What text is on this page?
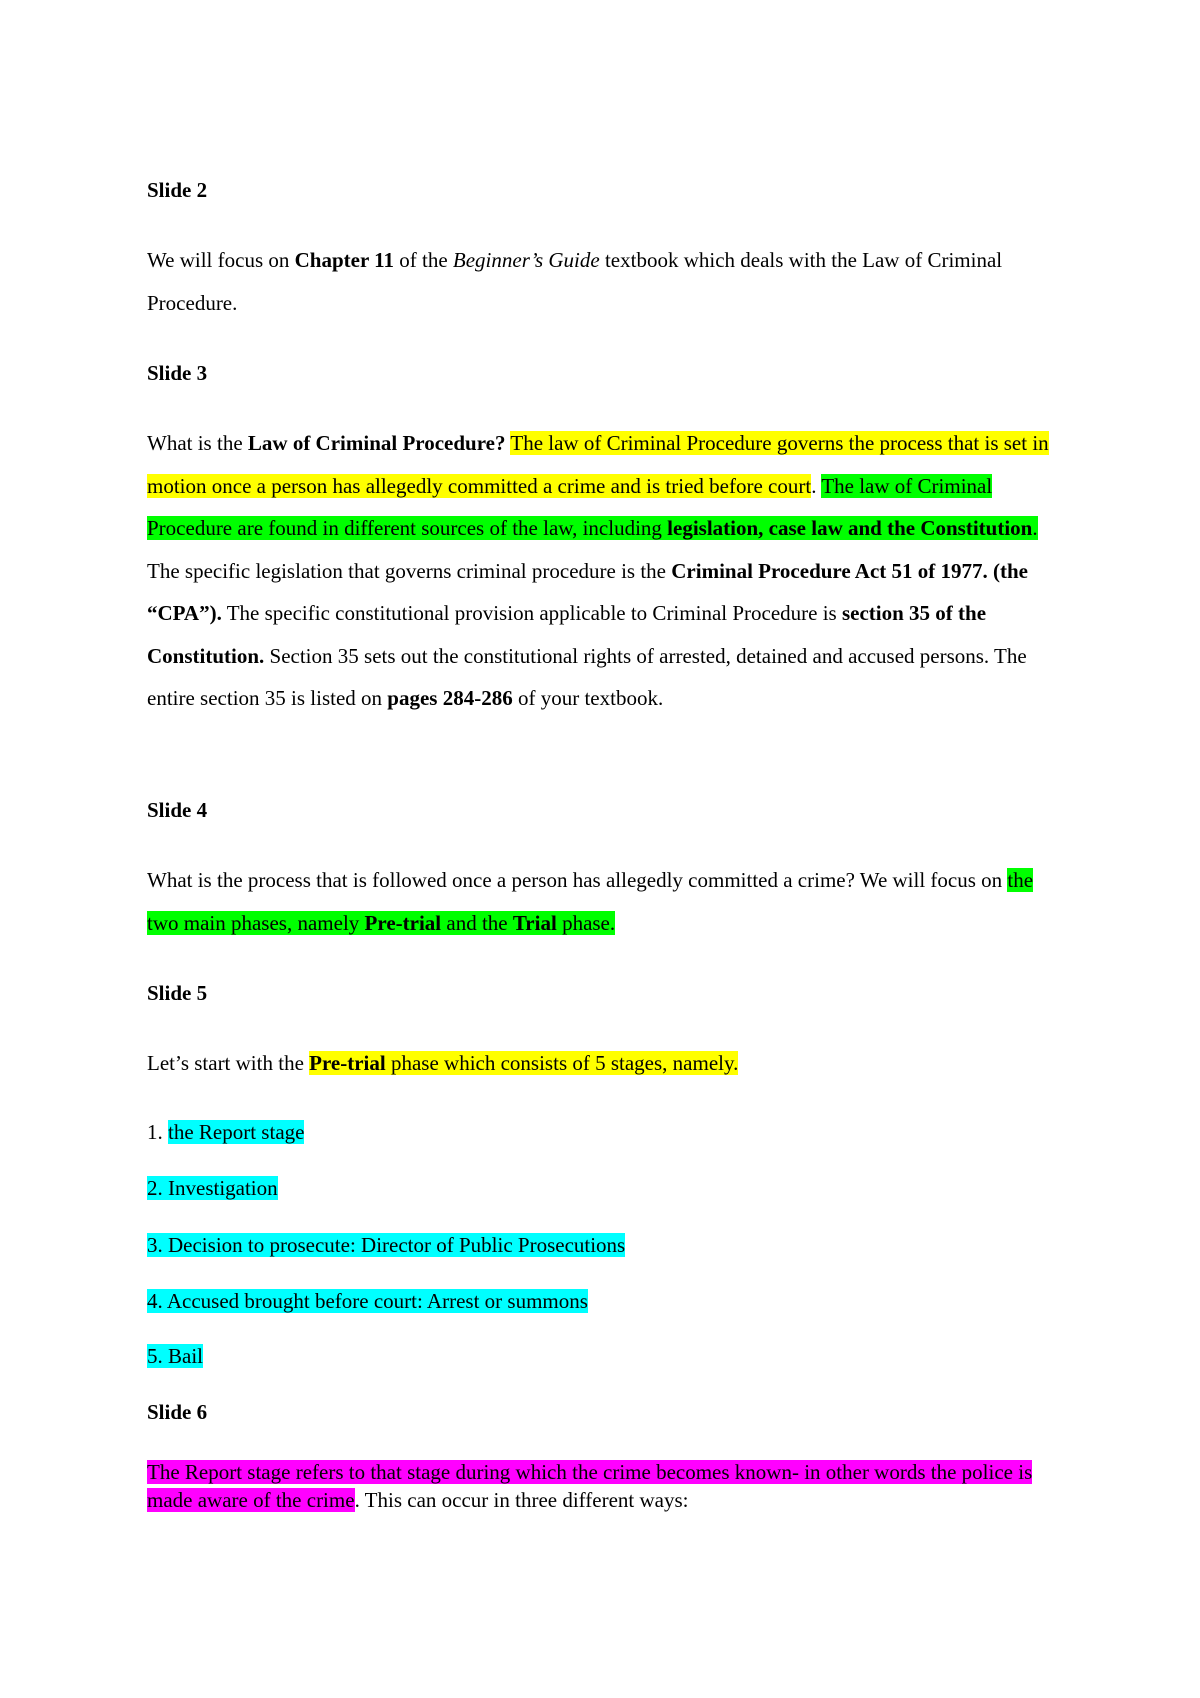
Slide 2

We will focus on Chapter 11 of the Beginner’s Guide textbook which deals with the Law of Criminal Procedure.

Slide 3

What is the Law of Criminal Procedure? The law of Criminal Procedure governs the process that is set in motion once a person has allegedly committed a crime and is tried before court. The law of Criminal Procedure are found in different sources of the law, including legislation, case law and the Constitution. The specific legislation that governs criminal procedure is the Criminal Procedure Act 51 of 1977. (the “CPA”). The specific constitutional provision applicable to Criminal Procedure is section 35 of the Constitution. Section 35 sets out the constitutional rights of arrested, detained and accused persons. The entire section 35 is listed on pages 284-286 of your textbook.

Slide 4

What is the process that is followed once a person has allegedly committed a crime? We will focus on the two main phases, namely Pre-trial and the Trial phase.

Slide 5

Let’s start with the Pre-trial phase which consists of 5 stages, namely.

1. the Report stage

2. Investigation

3. Decision to prosecute: Director of Public Prosecutions

4. Accused brought before court: Arrest or summons

5. Bail

Slide 6

The Report stage refers to that stage during which the crime becomes known- in other words the police is made aware of the crime. This can occur in three different ways:
